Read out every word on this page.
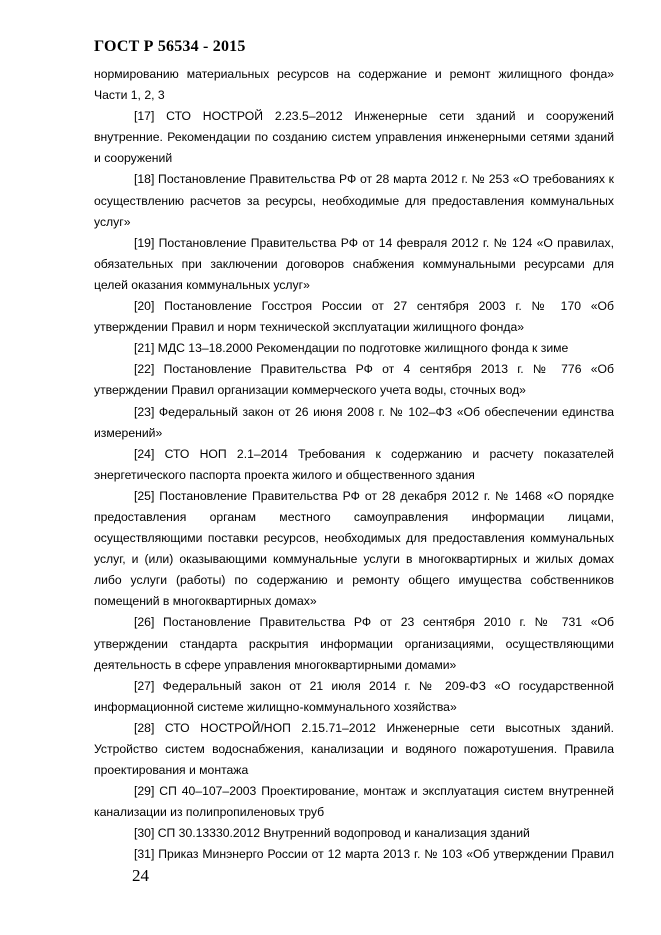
ГОСТ Р 56534 - 2015

нормированию материальных ресурсов на содержание и ремонт жилищного фонда» Части 1, 2, 3

[17] СТО НОСТРОЙ 2.23.5–2012 Инженерные сети зданий и сооружений внутренние. Рекомендации по созданию систем управления инженерными сетями зданий и сооружений

[18] Постановление Правительства РФ от 28 марта 2012 г. № 253 «О требованиях к осуществлению расчетов за ресурсы, необходимые для предоставления коммунальных услуг»

[19] Постановление Правительства РФ от 14 февраля 2012 г. № 124 «О правилах, обязательных при заключении договоров снабжения коммунальными ресурсами для целей оказания коммунальных услуг»

[20] Постановление Госстроя России от 27 сентября 2003 г. № 170 «Об утверждении Правил и норм технической эксплуатации жилищного фонда»

[21] МДС 13–18.2000 Рекомендации по подготовке жилищного фонда к зиме

[22] Постановление Правительства РФ от 4 сентября 2013 г. № 776 «Об утверждении Правил организации коммерческого учета воды, сточных вод»

[23] Федеральный закон от 26 июня 2008 г. № 102–ФЗ «Об обеспечении единства измерений»

[24] СТО НОП 2.1–2014 Требования к содержанию и расчету показателей энергетического паспорта проекта жилого и общественного здания

[25] Постановление Правительства РФ от 28 декабря 2012 г. № 1468 «О порядке предоставления органам местного самоуправления информации лицами, осуществляющими поставки ресурсов, необходимых для предоставления коммунальных услуг, и (или) оказывающими коммунальные услуги в многоквартирных и жилых домах либо услуги (работы) по содержанию и ремонту общего имущества собственников помещений в многоквартирных домах»

[26] Постановление Правительства РФ от 23 сентября 2010 г. № 731 «Об утверждении стандарта раскрытия информации организациями, осуществляющими деятельность в сфере управления многоквартирными домами»

[27] Федеральный закон от 21 июля 2014 г. № 209-ФЗ «О государственной информационной системе жилищно-коммунального хозяйства»

[28] СТО НОСТРОЙ/НОП 2.15.71–2012 Инженерные сети высотных зданий. Устройство систем водоснабжения, канализации и водяного пожаротушения. Правила проектирования и монтажа

[29] СП 40–107–2003 Проектирование, монтаж и эксплуатация систем внутренней канализации из полипропиленовых труб

[30] СП 30.13330.2012 Внутренний водопровод и канализация зданий

[31] Приказ Минэнерго России от 12 марта 2013 г. № 103 «Об утверждении Правил

24
